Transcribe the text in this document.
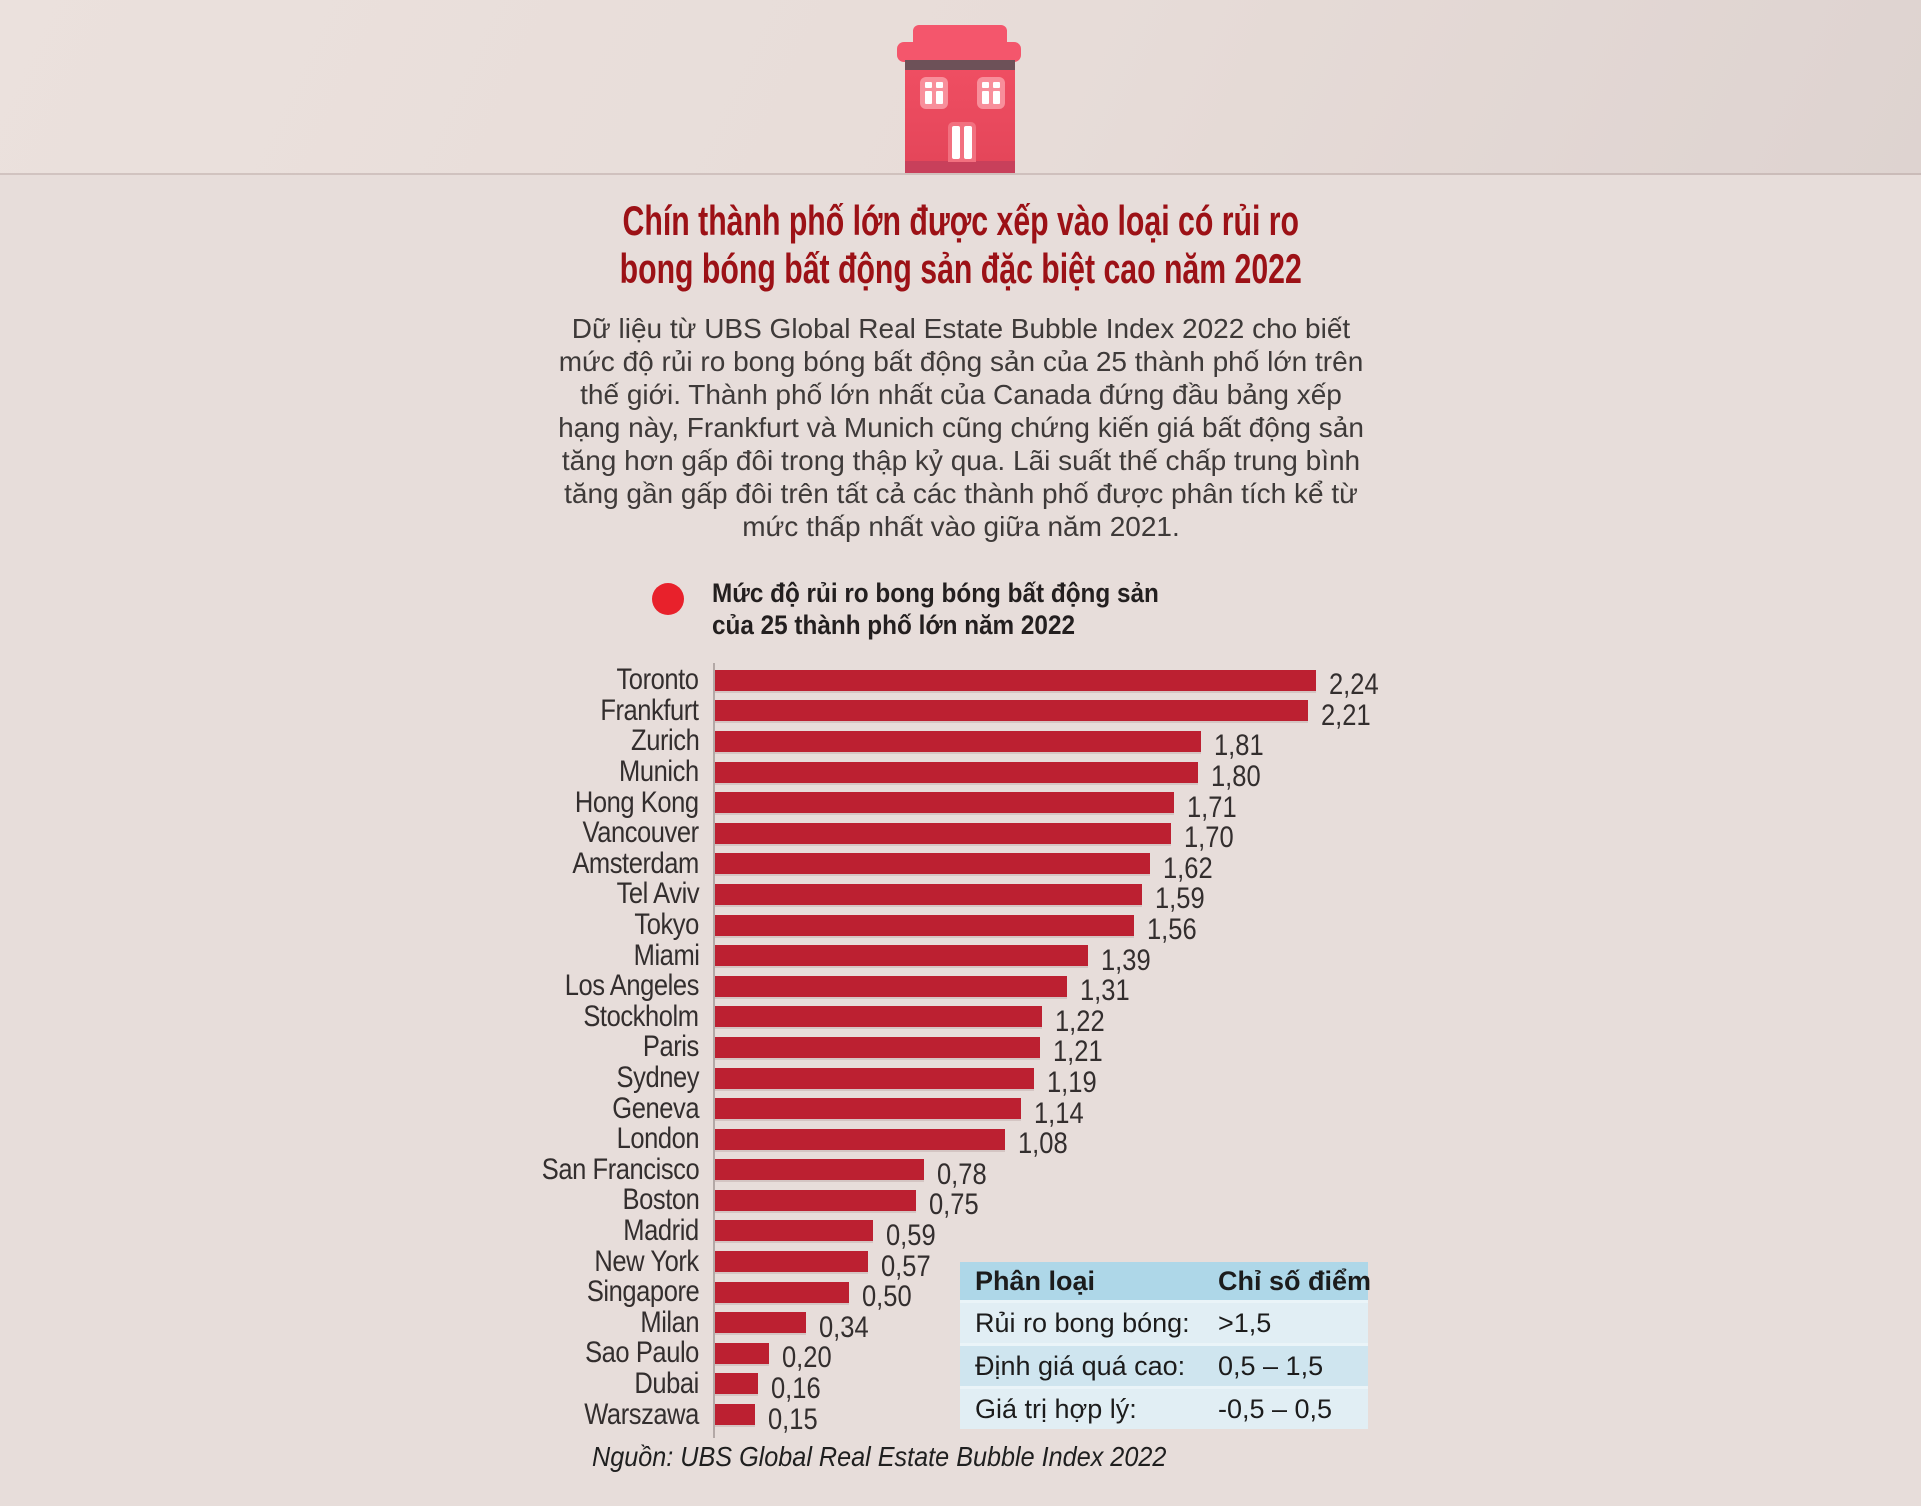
Chín thành phố lớn được xếp vào loại có rủi ro
bong bóng bất động sản đặc biệt cao năm 2022
Dữ liệu từ UBS Global Real Estate Bubble Index 2022 cho biết mức độ rủi ro bong bóng bất động sản của 25 thành phố lớn trên thế giới. Thành phố lớn nhất của Canada đứng đầu bảng xếp hạng này, Frankfurt và Munich cũng chứng kiến giá bất động sản tăng hơn gấp đôi trong thập kỷ qua. Lãi suất thế chấp trung bình tăng gần gấp đôi trên tất cả các thành phố được phân tích kể từ mức thấp nhất vào giữa năm 2021.
Mức độ rủi ro bong bóng bất động sản
của 25 thành phố lớn năm 2022
Toronto	2,24
Frankfurt	2,21
Zurich	1,81
Munich	1,80
Hong Kong	1,71
Vancouver	1,70
Amsterdam	1,62
Tel Aviv	1,59
Tokyo	1,56
Miami	1,39
Los Angeles	1,31
Stockholm	1,22
Paris	1,21
Sydney	1,19
Geneva	1,14
London	1,08
San Francisco	0,78
Boston	0,75
Madrid	0,59
New York	0,57
Singapore	0,50
Milan	0,34
Sao Paulo	0,20
Dubai	0,16
Warszawa	0,15
Phân loại	Chỉ số điểm
Rủi ro bong bóng:	>1,5
Định giá quá cao:	0,5 – 1,5
Giá trị hợp lý:	-0,5 – 0,5
Nguồn: UBS Global Real Estate Bubble Index 2022
